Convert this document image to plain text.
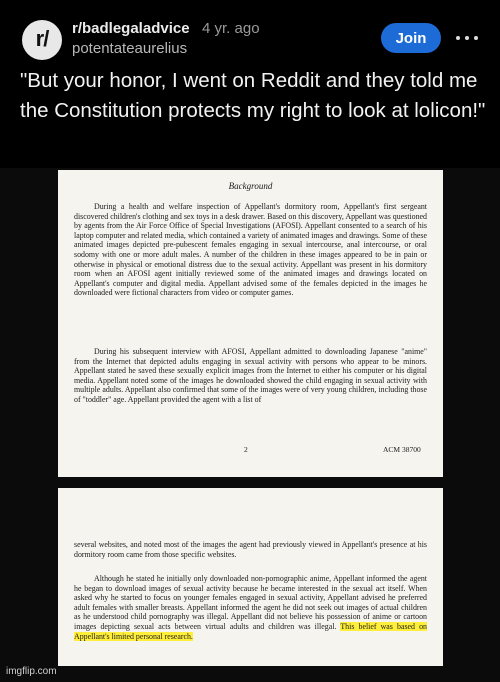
r/ r/badlegaladvice 4 yr. ago
potentateaurelius
Join
"But your honor, I went on Reddit and they told me the Constitution protects my right to look at lolicon!"
Background

During a health and welfare inspection of Appellant's dormitory room, Appellant's first sergeant discovered children's clothing and sex toys in a desk drawer. Based on this discovery, Appellant was questioned by agents from the Air Force Office of Special Investigations (AFOSI). Appellant consented to a search of his laptop computer and related media, which contained a variety of animated images and drawings. Some of these animated images depicted pre-pubescent females engaging in sexual intercourse, anal intercourse, or oral sodomy with one or more adult males. A number of the children in these images appeared to be in pain or otherwise in physical or emotional distress due to the sexual activity. Appellant was present in his dormitory room when an AFOSI agent initially reviewed some of the animated images and drawings located on Appellant's computer and digital media. Appellant advised some of the females depicted in the images he downloaded were fictional characters from video or computer games.

During his subsequent interview with AFOSI, Appellant admitted to downloading Japanese "anime" from the Internet that depicted adults engaging in sexual activity with persons who appear to be minors. Appellant stated he saved these sexually explicit images from the Internet to either his computer or his digital media. Appellant noted some of the images he downloaded showed the child engaging in sexual activity with multiple adults. Appellant also confirmed that some of the images were of very young children, including those of "toddler" age. Appellant provided the agent with a list of

2	ACM 38700

several websites, and noted most of the images the agent had previously viewed in Appellant's presence at his dormitory room came from those specific websites.

Although he stated he initially only downloaded non-pornographic anime, Appellant informed the agent he began to download images of sexual activity because he became interested in the sexual act itself. When asked why he started to focus on younger females engaged in sexual activity, Appellant advised he preferred adult females with smaller breasts. Appellant informed the agent he did not seek out images of actual children as he understood child pornography was illegal. Appellant did not believe his possession of anime or cartoon images depicting sexual acts between virtual adults and children was illegal. This belief was based on Appellant's limited personal research.

imgflip.com
